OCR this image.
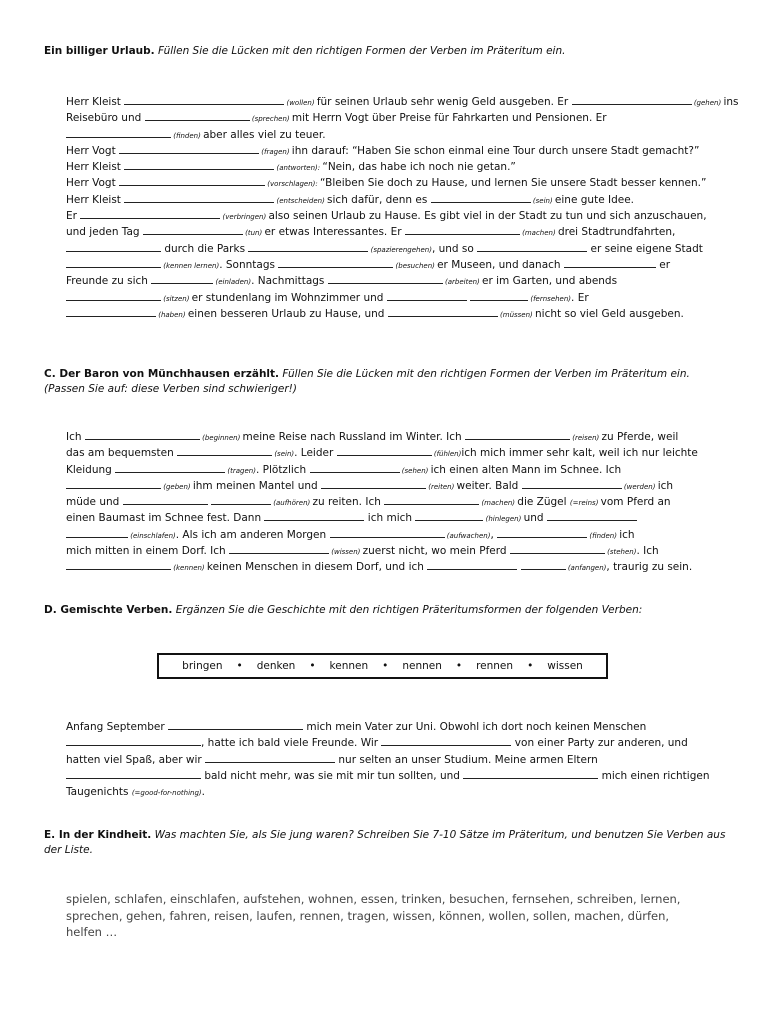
Ein billiger Urlaub. Füllen Sie die Lücken mit den richtigen Formen der Verben im Präteritum ein.
Herr Kleist	(wollen) für seinen Urlaub sehr wenig Geld ausgeben. Er	(gehen) ins
Reisebüro und	(sprechen) mit Herrn Vogt über Preise für Fahrkarten und Pensionen. Er
(finden) aber alles viel zu teuer.
Herr Vogt	(fragen) ihn darauf: “Haben Sie schon einmal eine Tour durch unsere Stadt gemacht?”
Herr Kleist	(antworten): “Nein, das habe ich noch nie getan.”
Herr Vogt	(vorschlagen): “Bleiben Sie doch zu Hause, und lernen Sie unsere Stadt besser kennen.”
Herr Kleist	(entscheiden) sich dafür, denn es	(sein) eine gute Idee.
Er	(verbringen) also seinen Urlaub zu Hause. Es gibt viel in der Stadt zu tun und sich anzuschauen,
und jeden Tag	(tun) er etwas Interessantes. Er	(machen) drei Stadtrundfahrten,
durch die Parks	(spazierengehen), und so	er seine eigene Stadt
(kennen lernen). Sonntags	(besuchen) er Museen, und danach	er
Freunde zu sich	(einladen). Nachmittags	(arbeiten) er im Garten, und abends
(sitzen) er stundenlang im Wohnzimmer und	(fernsehen). Er
(haben) einen besseren Urlaub zu Hause, und	(müssen) nicht so viel Geld ausgeben.
C. Der Baron von Münchhausen erzählt. Füllen Sie die Lücken mit den richtigen Formen der Verben im Präteritum ein. (Passen Sie auf: diese Verben sind schwieriger!)
Ich	(beginnen) meine Reise nach Russland im Winter. Ich	(reisen) zu Pferde, weil
das am bequemsten	(sein). Leider	(fühlen)ich mich immer sehr kalt, weil ich nur leichte
Kleidung	(tragen). Plötzlich	(sehen) ich einen alten Mann im Schnee. Ich
(geben) ihm meinen Mantel und	(reiten) weiter. Bald	(werden) ich
müde und	(aufhören) zu reiten. Ich	(machen) die Zügel (=reins) vom Pferd an
einen Baumast im Schnee fest. Dann	ich mich	(hinlegen) und
(einschlafen). Als ich am anderen Morgen	(aufwachen),	(finden) ich
mich mitten in einem Dorf. Ich	(wissen) zuerst nicht, wo mein Pferd	(stehen). Ich
(kennen) keinen Menschen in diesem Dorf, und ich	(anfangen), traurig zu sein.
D. Gemischte Verben. Ergänzen Sie die Geschichte mit den richtigen Präteritumsformen der folgenden Verben:
bringen • denken • kennen • nennen • rennen • wissen
Anfang September	mich mein Vater zur Uni. Obwohl ich dort noch keinen Menschen
, hatte ich bald viele Freunde. Wir	von einer Party zur anderen, und
hatten viel Spaß, aber wir	nur selten an unser Studium. Meine armen Eltern
bald nicht mehr, was sie mit mir tun sollten, und	mich einen richtigen
Taugenichts (=good-for-nothing).
E. In der Kindheit. Was machten Sie, als Sie jung waren? Schreiben Sie 7-10 Sätze im Präteritum, und benutzen Sie Verben aus der Liste.
spielen, schlafen, einschlafen, aufstehen, wohnen, essen, trinken, besuchen, fernsehen, schreiben, lernen, sprechen, gehen, fahren, reisen, laufen, rennen, tragen, wissen, können, wollen, sollen, machen, dürfen, helfen …
